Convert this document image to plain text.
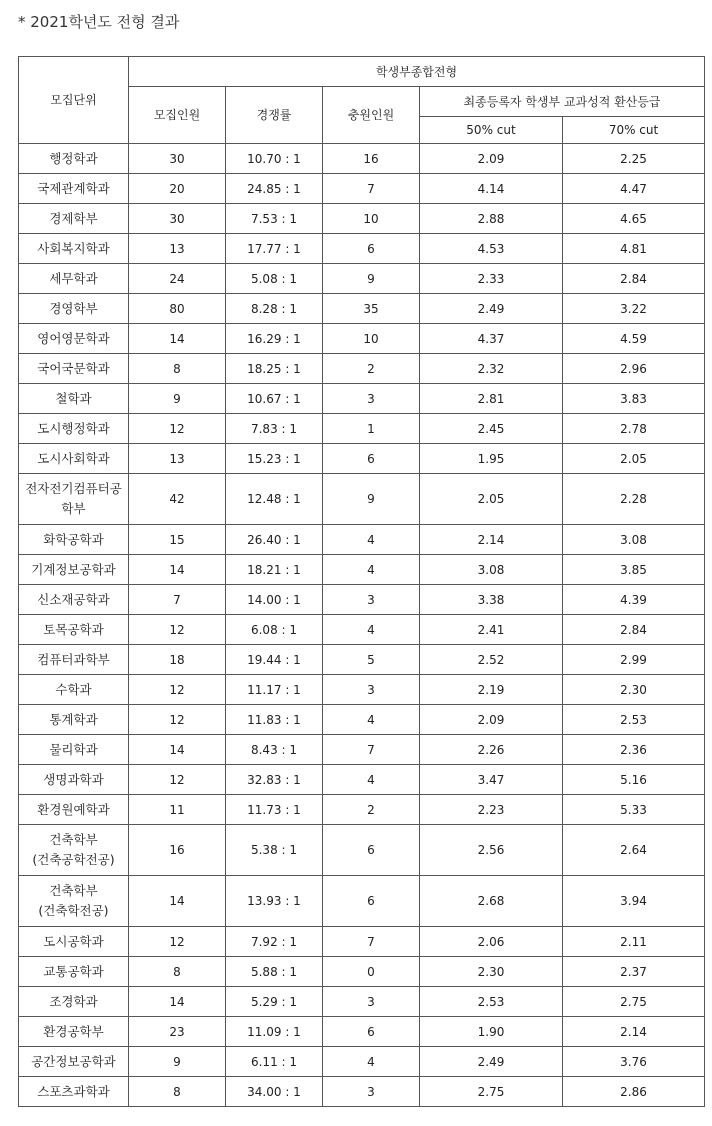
* 2021학년도 전형 결과
모집단위	학생부종합전형				
	모집인원	경쟁률	충원인원	최종등록자 학생부 교과성적 환산등급	
				50% cut	70% cut
행정학과	30	10.70 : 1	16	2.09	2.25
국제관계학과	20	24.85 : 1	7	4.14	4.47
경제학부	30	7.53 : 1	10	2.88	4.65
사회복지학과	13	17.77 : 1	6	4.53	4.81
세무학과	24	5.08 : 1	9	2.33	2.84
경영학부	80	8.28 : 1	35	2.49	3.22
영어영문학과	14	16.29 : 1	10	4.37	4.59
국어국문학과	8	18.25 : 1	2	2.32	2.96
철학과	9	10.67 : 1	3	2.81	3.83
도시행정학과	12	7.83 : 1	1	2.45	2.78
도시사회학과	13	15.23 : 1	6	1.95	2.05
전자전기컴퓨터공학부	42	12.48 : 1	9	2.05	2.28
화학공학과	15	26.40 : 1	4	2.14	3.08
기계정보공학과	14	18.21 : 1	4	3.08	3.85
신소재공학과	7	14.00 : 1	3	3.38	4.39
토목공학과	12	6.08 : 1	4	2.41	2.84
컴퓨터과학부	18	19.44 : 1	5	2.52	2.99
수학과	12	11.17 : 1	3	2.19	2.30
통계학과	12	11.83 : 1	4	2.09	2.53
물리학과	14	8.43 : 1	7	2.26	2.36
생명과학과	12	32.83 : 1	4	3.47	5.16
환경원예학과	11	11.73 : 1	2	2.23	5.33
건축학부(건축공학전공)	16	5.38 : 1	6	2.56	2.64
건축학부(건축학전공)	14	13.93 : 1	6	2.68	3.94
도시공학과	12	7.92 : 1	7	2.06	2.11
교통공학과	8	5.88 : 1	0	2.30	2.37
조경학과	14	5.29 : 1	3	2.53	2.75
환경공학부	23	11.09 : 1	6	1.90	2.14
공간정보공학과	9	6.11 : 1	4	2.49	3.76
스포츠과학과	8	34.00 : 1	3	2.75	2.86
